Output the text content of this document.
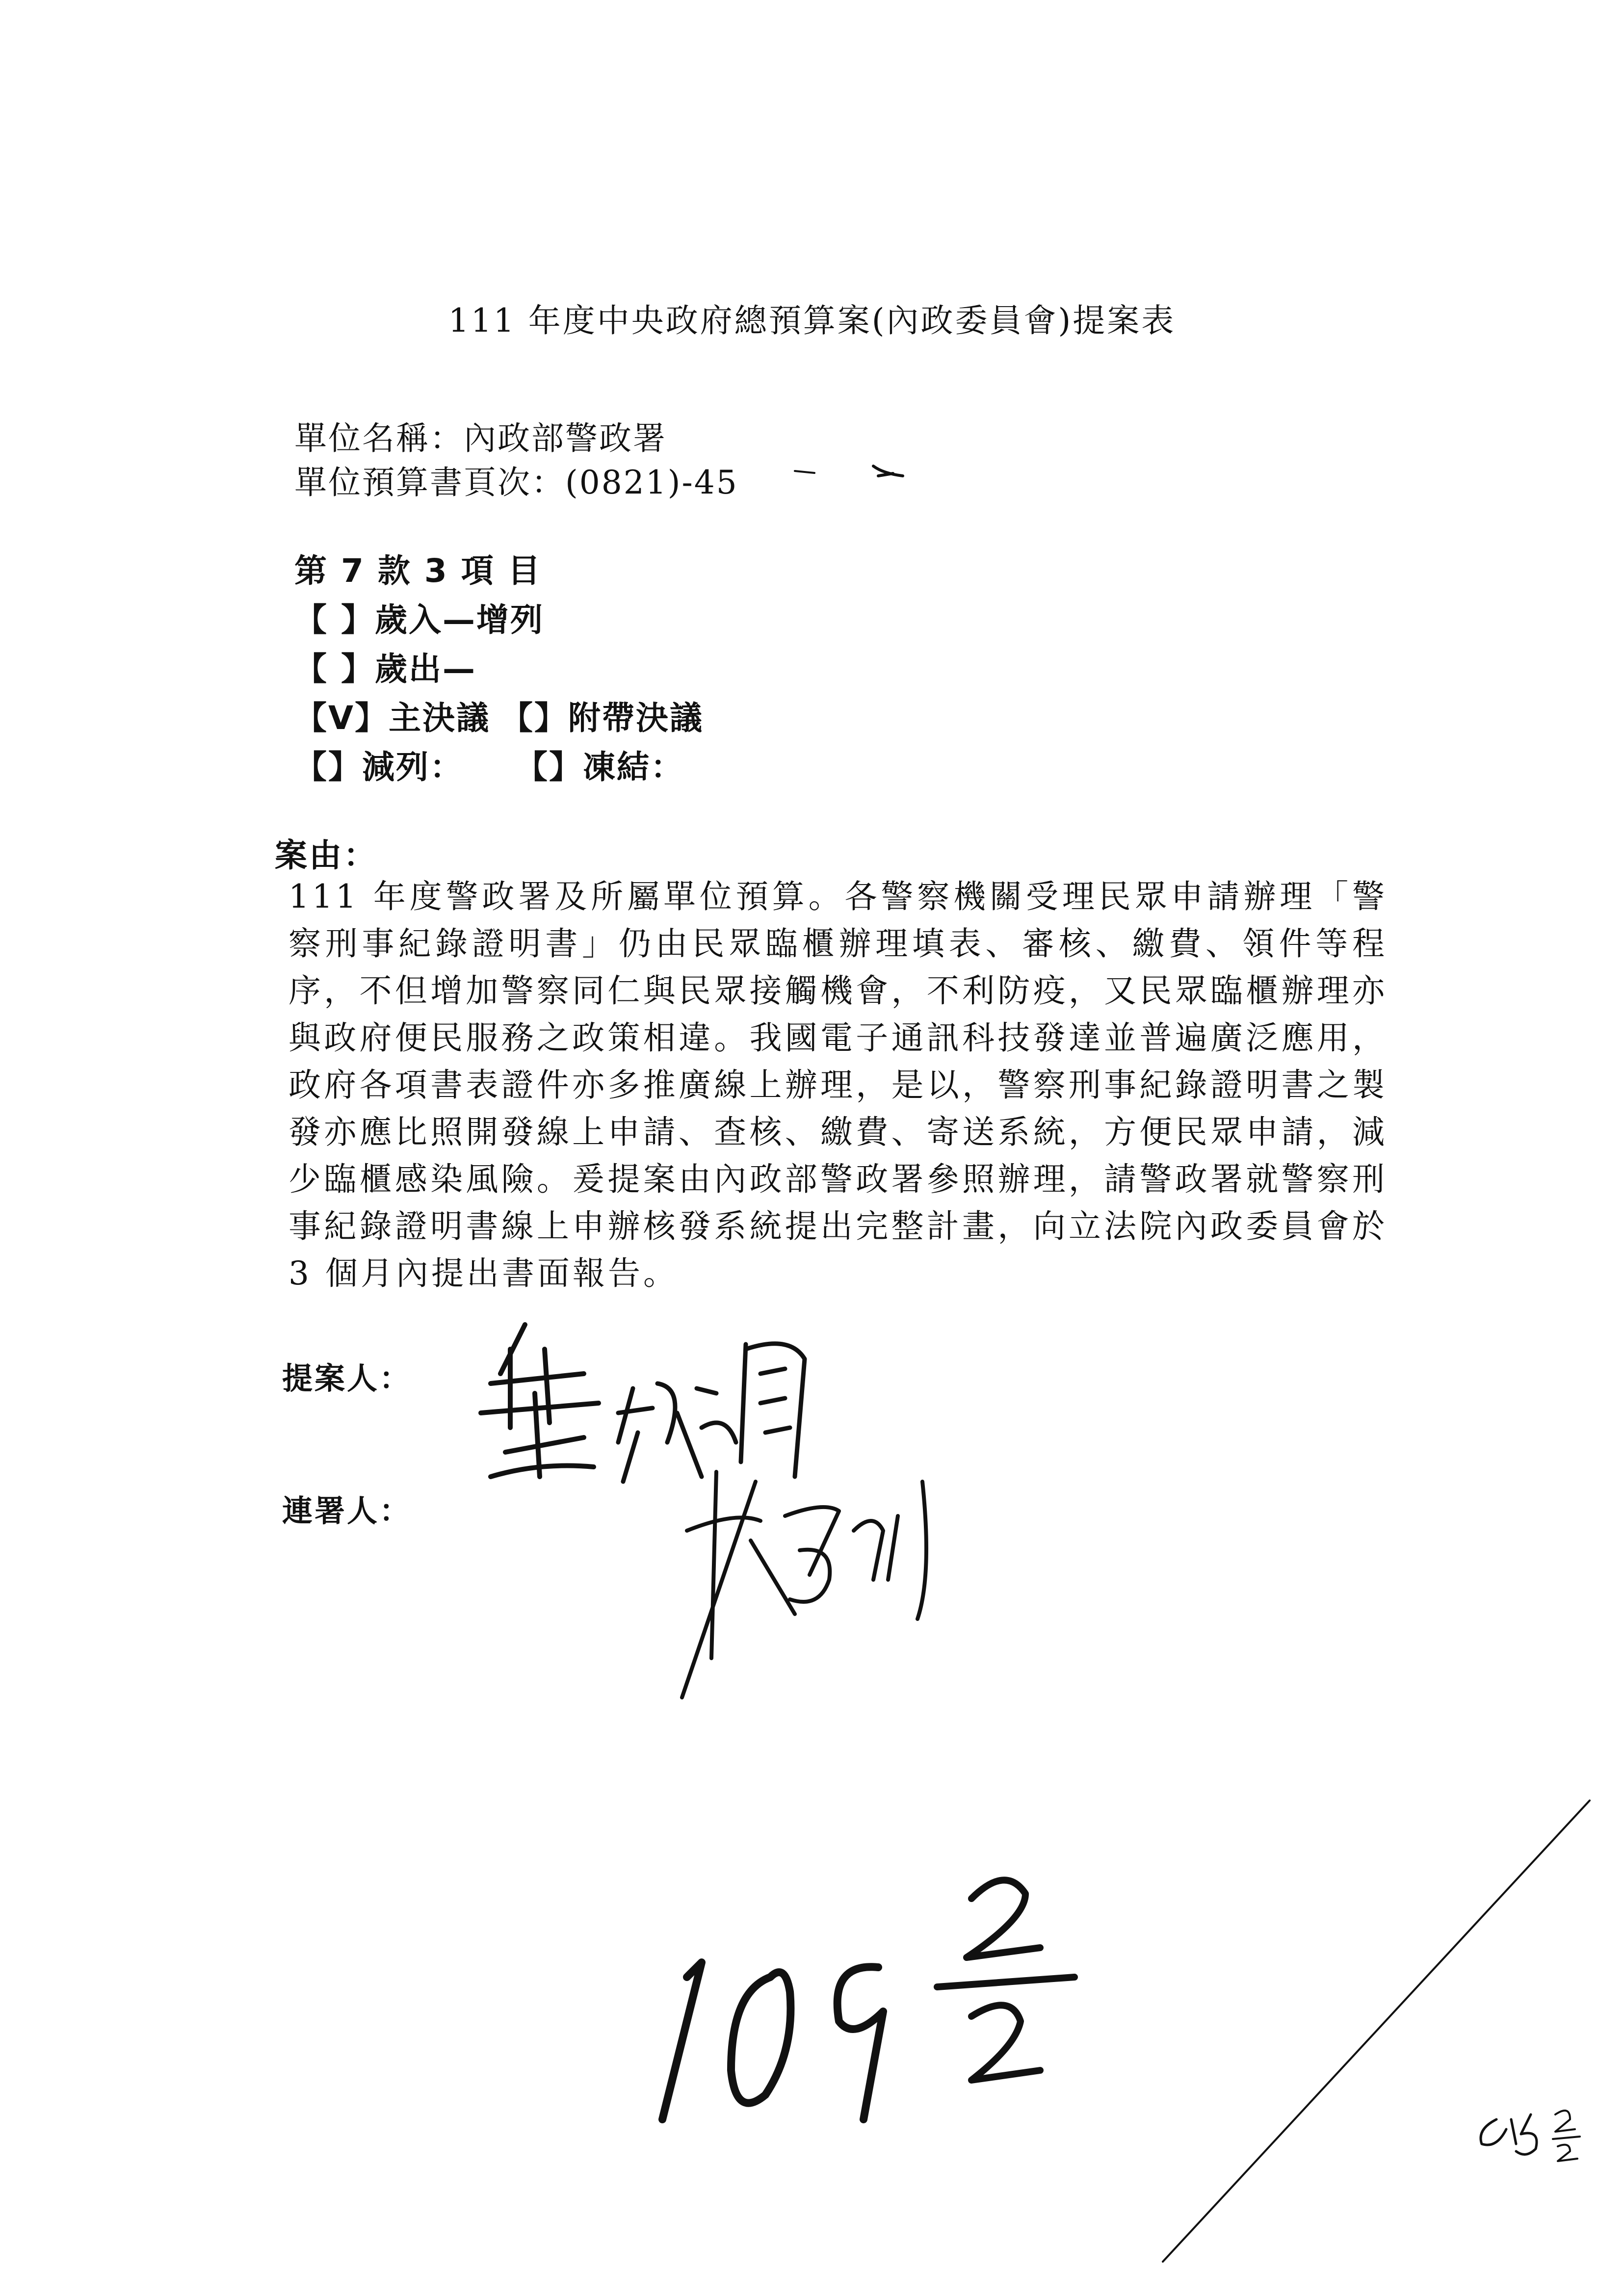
111 年度中央政府總預算案(內政委員會)提案表
單位名稱：內政部警政署
單位預算書頁次：(0821)-45
第 7 款 3 項 目
【 】歲入—增列
【 】歲出—
【V】主決議 【】附帶決議
【】減列： 【】凍結：
案由：
111 年度警政署及所屬單位預算。各警察機關受理民眾申請辦理「警察刑事紀錄證明書」仍由民眾臨櫃辦理填表、審核、繳費、領件等程序，不但增加警察同仁與民眾接觸機會，不利防疫，又民眾臨櫃辦理亦與政府便民服務之政策相違。我國電子通訊科技發達並普遍廣泛應用，政府各項書表證件亦多推廣線上辦理，是以，警察刑事紀錄證明書之製發亦應比照開發線上申請、查核、繳費、寄送系統，方便民眾申請，減少臨櫃感染風險。爰提案由內政部警政署參照辦理，請警政署就警察刑事紀錄證明書線上申辦核發系統提出完整計畫，向立法院內政委員會於 3 個月內提出書面報告。
提案人：
連署人：
